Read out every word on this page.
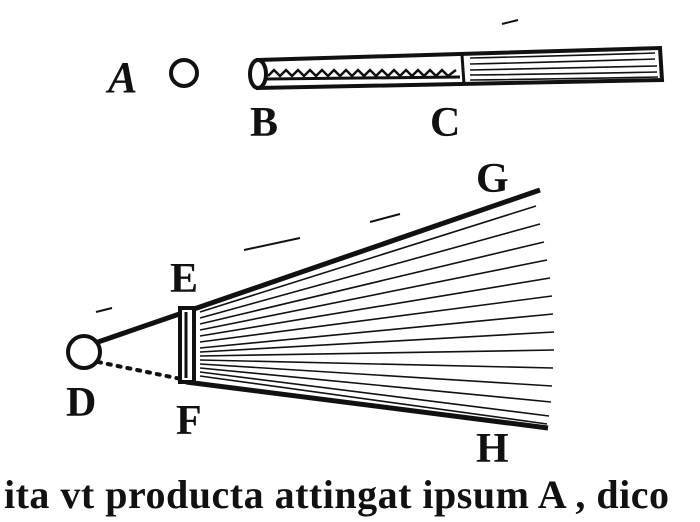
A
B	C
E
G
D F
H
ita vt producta attingat ipsum A , dico
